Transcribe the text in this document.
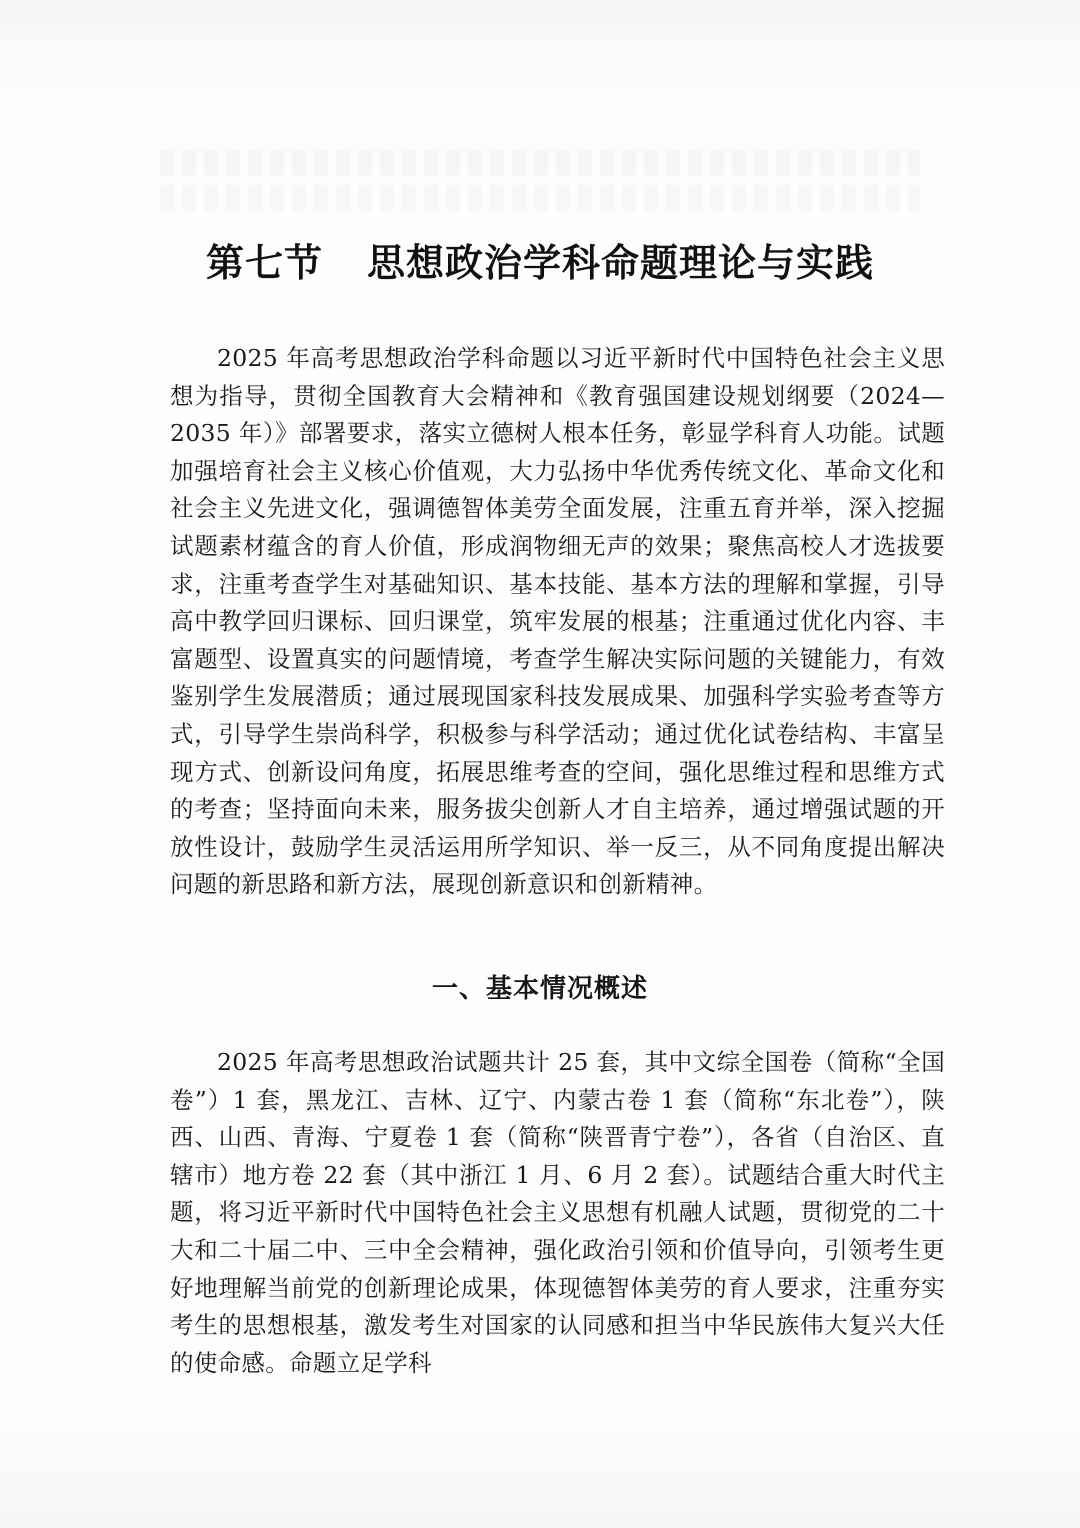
第七节 思想政治学科命题理论与实践

2025 年高考思想政治学科命题以习近平新时代中国特色社会主义思想为指导，贯彻全国教育大会精神和《教育强国建设规划纲要（2024—2035 年）》部署要求，落实立德树人根本任务，彰显学科育人功能。试题加强培育社会主义核心价值观，大力弘扬中华优秀传统文化、革命文化和社会主义先进文化，强调德智体美劳全面发展，注重五育并举，深入挖掘试题素材蕴含的育人价值，形成润物细无声的效果；聚焦高校人才选拔要求，注重考查学生对基础知识、基本技能、基本方法的理解和掌握，引导高中教学回归课标、回归课堂，筑牢发展的根基；注重通过优化内容、丰富题型、设置真实的问题情境，考查学生解决实际问题的关键能力，有效鉴别学生发展潜质；通过展现国家科技发展成果、加强科学实验考查等方式，引导学生崇尚科学，积极参与科学活动；通过优化试卷结构、丰富呈现方式、创新设问角度，拓展思维考查的空间，强化思维过程和思维方式的考查；坚持面向未来，服务拔尖创新人才自主培养，通过增强试题的开放性设计，鼓励学生灵活运用所学知识、举一反三，从不同角度提出解决问题的新思路和新方法，展现创新意识和创新精神。

一、基本情况概述

2025 年高考思想政治试题共计 25 套，其中文综全国卷（简称“全国卷”）1 套，黑龙江、吉林、辽宁、内蒙古卷 1 套（简称“东北卷”），陕西、山西、青海、宁夏卷 1 套（简称“陕晋青宁卷”），各省（自治区、直辖市）地方卷 22 套（其中浙江 1 月、6 月 2 套）。试题结合重大时代主题，将习近平新时代中国特色社会主义思想有机融人试题，贯彻党的二十大和二十届二中、三中全会精神，强化政治引领和价值导向，引领考生更好地理解当前党的创新理论成果，体现德智体美劳的育人要求，注重夯实考生的思想根基，激发考生对国家的认同感和担当中华民族伟大复兴大任的使命感。命题立足学科
